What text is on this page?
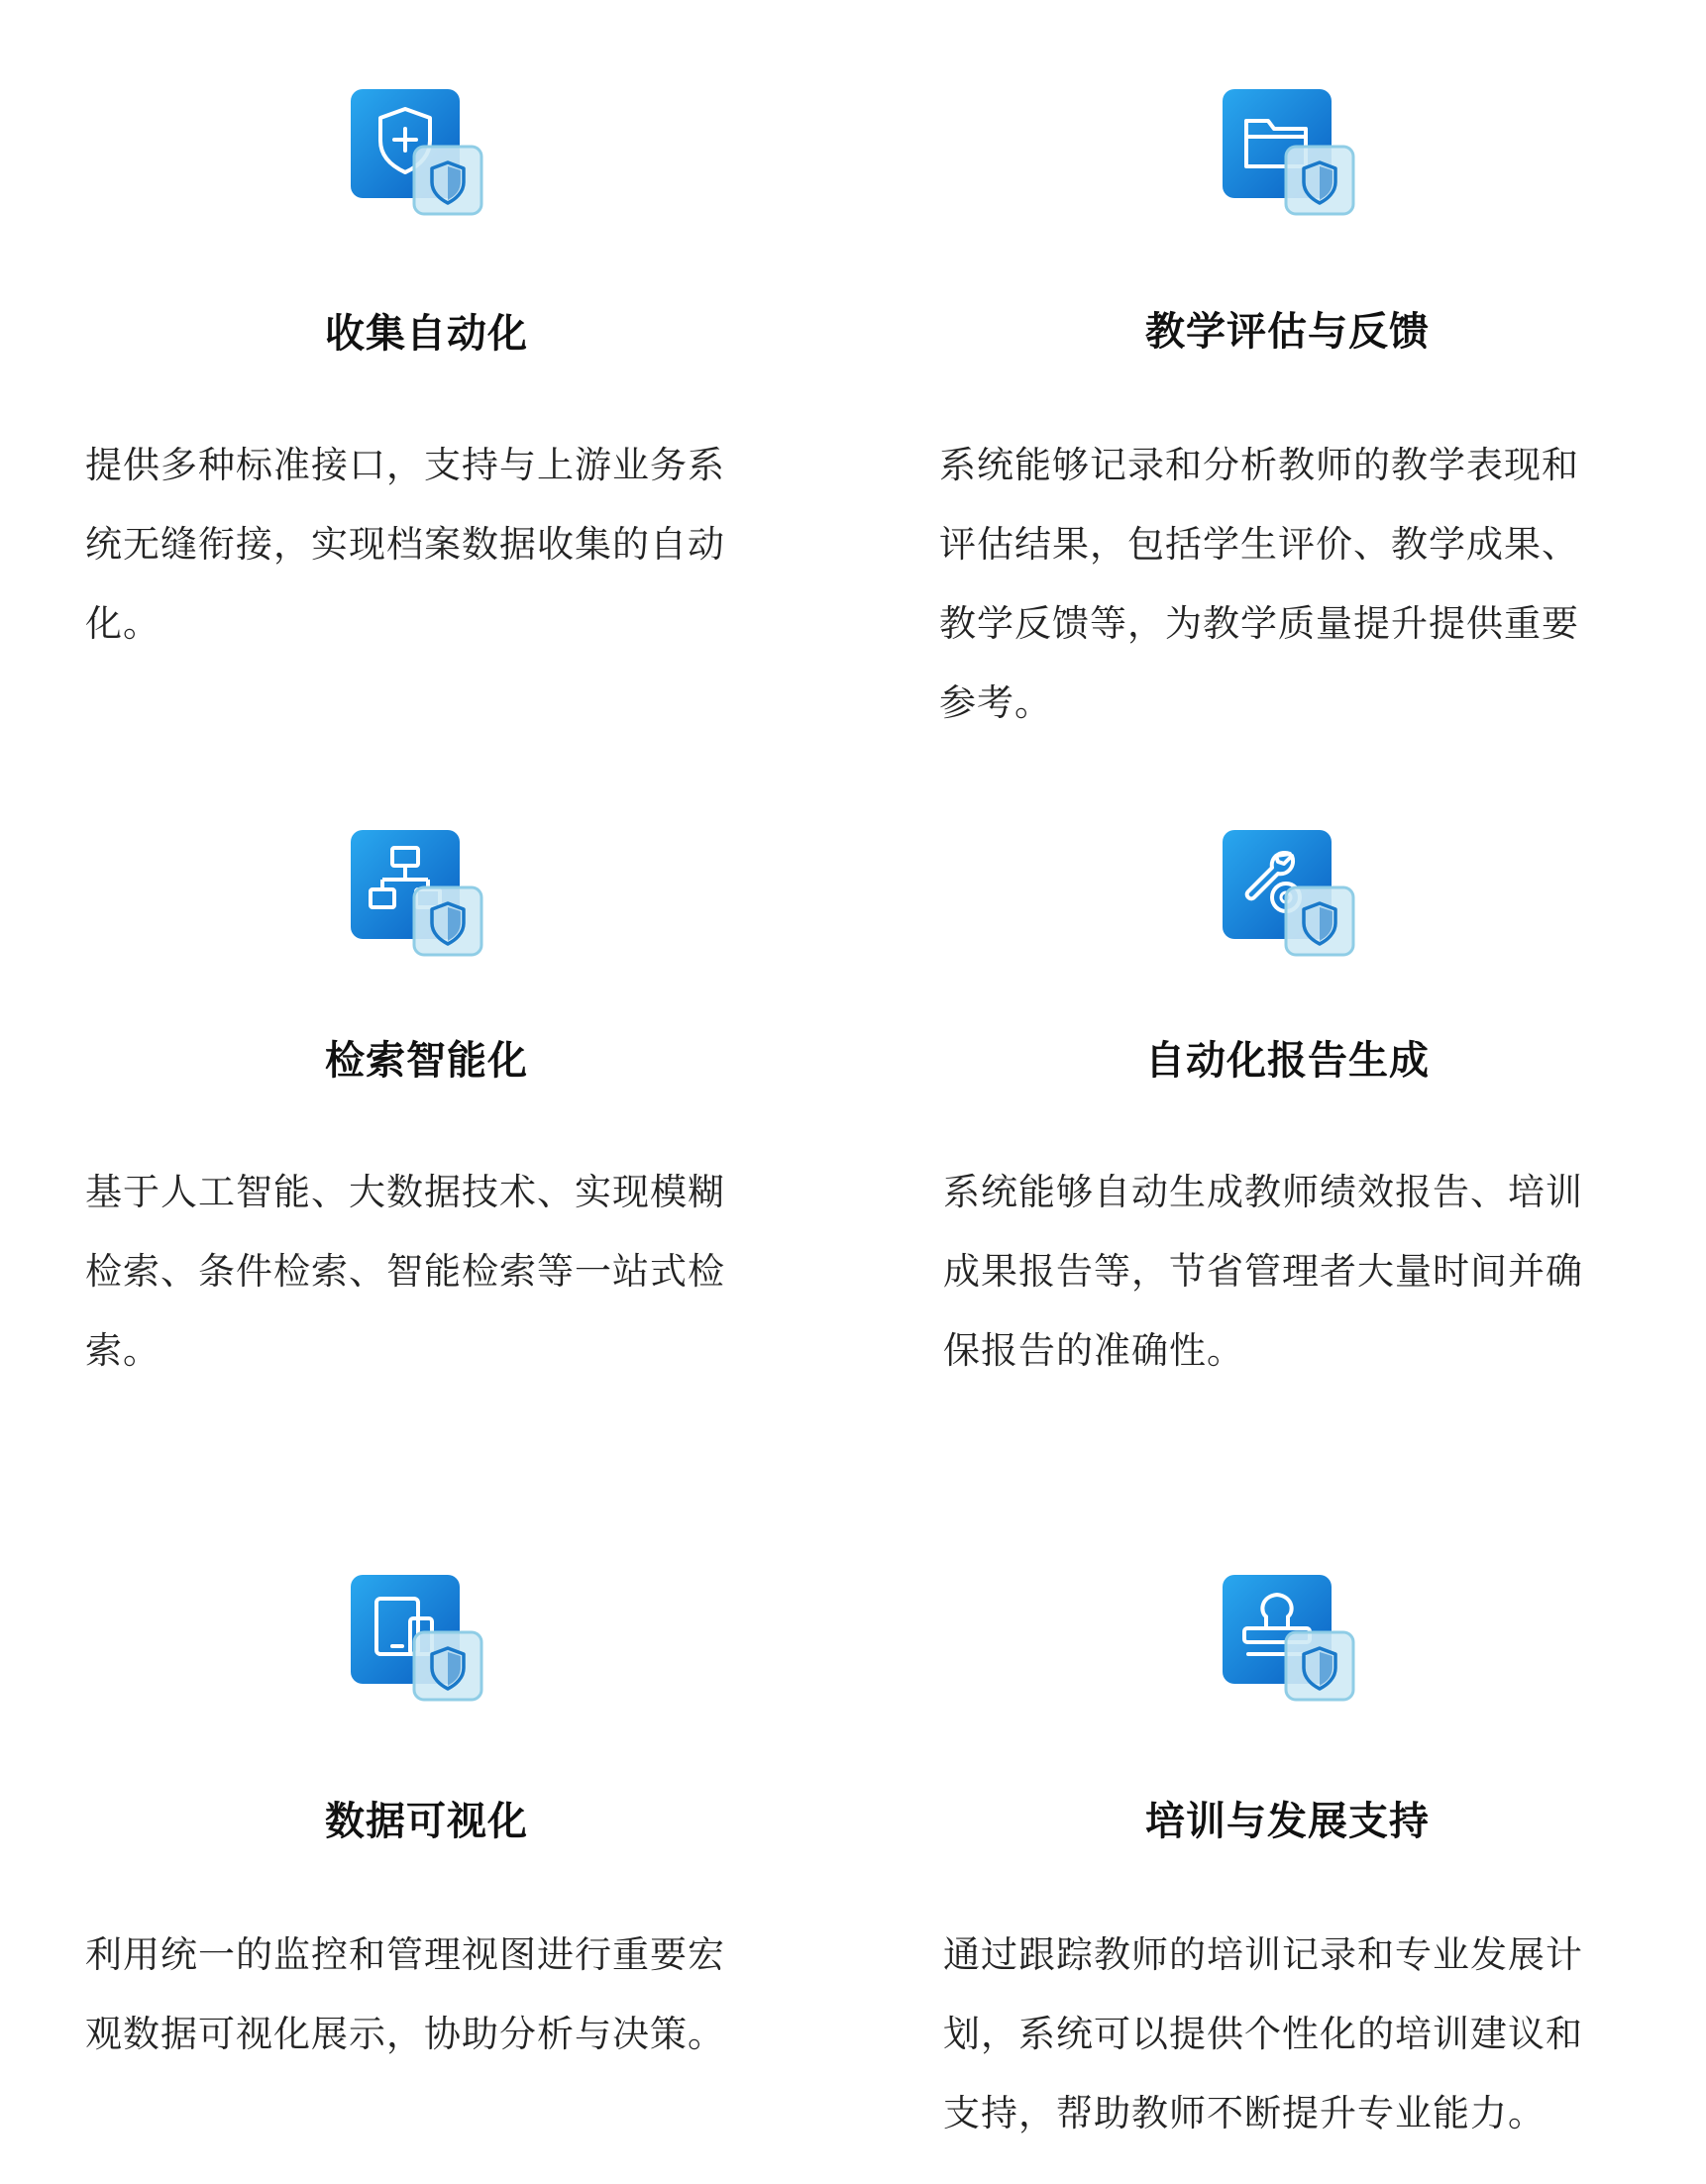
收集自动化
提供多种标准接口，支持与上游业务系统无缝衔接，实现档案数据收集的自动化。
教学评估与反馈
系统能够记录和分析教师的教学表现和评估结果，包括学生评价、教学成果、教学反馈等，为教学质量提升提供重要参考。
检索智能化
基于人工智能、大数据技术、实现模糊检索、条件检索、智能检索等一站式检索。
自动化报告生成
系统能够自动生成教师绩效报告、培训成果报告等，节省管理者大量时间并确保报告的准确性。
数据可视化
利用统一的监控和管理视图进行重要宏观数据可视化展示，协助分析与决策。
培训与发展支持
通过跟踪教师的培训记录和专业发展计划，系统可以提供个性化的培训建议和支持，帮助教师不断提升专业能力。
